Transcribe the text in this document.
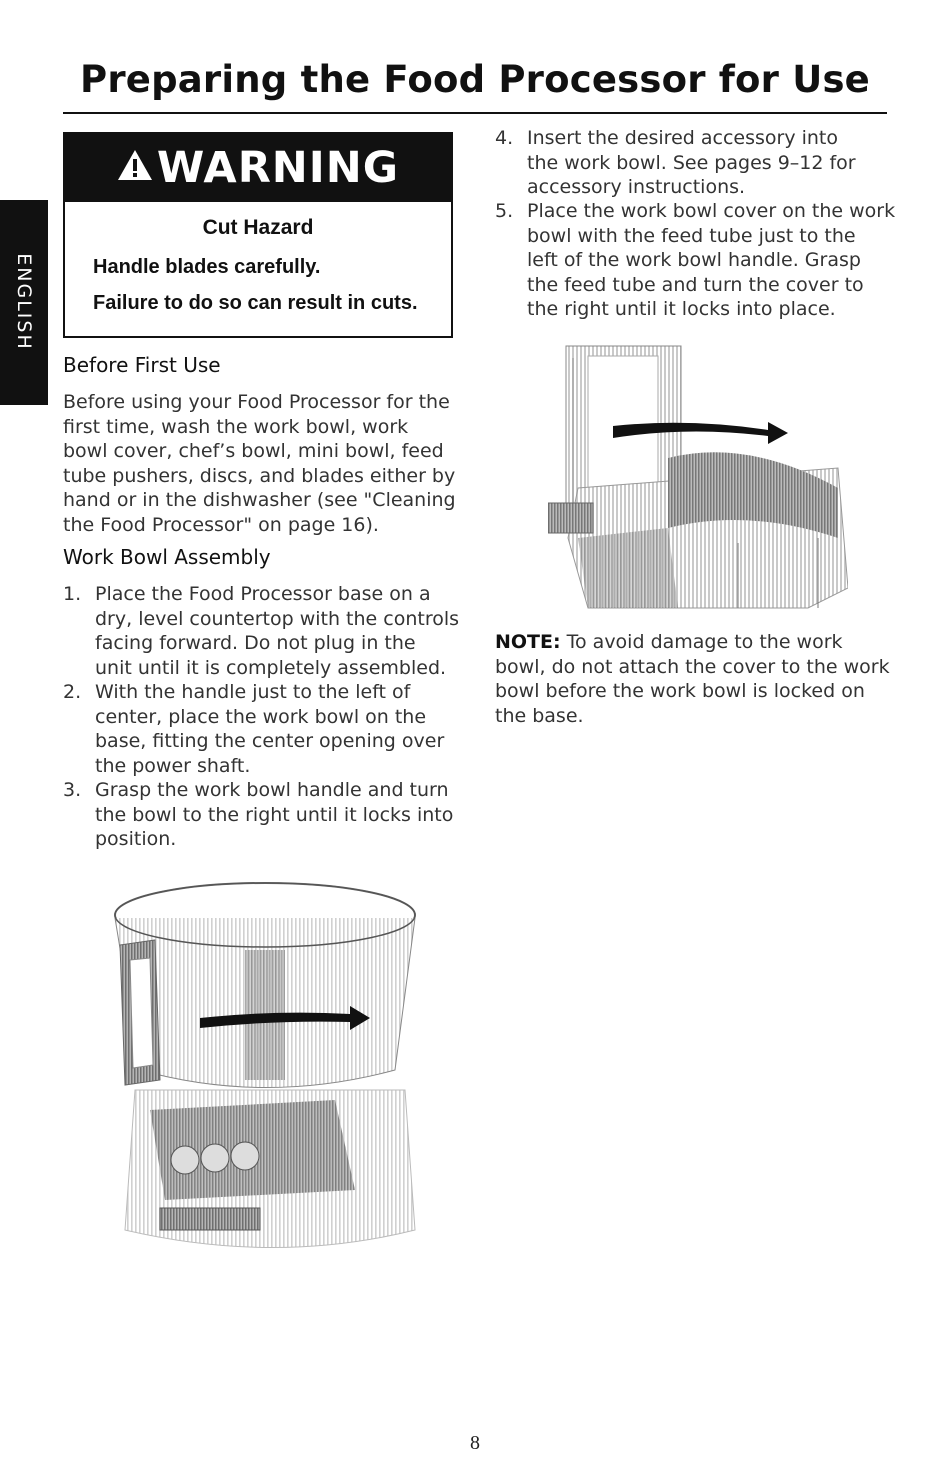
Preparing the Food Processor for Use
ENGLISH
WARNING
Cut Hazard
Handle blades carefully.
Failure to do so can result in cuts.
Before First Use
Before using your Food Processor for the
first time, wash the work bowl, work
bowl cover, chef’s bowl, mini bowl, feed
tube pushers, discs, and blades either by
hand or in the dishwasher (see "Cleaning
the Food Processor" on page 16).
Work Bowl Assembly
1. Place the Food Processor base on a
dry, level countertop with the controls
facing forward. Do not plug in the
unit until it is completely assembled.
2. With the handle just to the left of
center, place the work bowl on the
base, fitting the center opening over
the power shaft.
3. Grasp the work bowl handle and turn
the bowl to the right until it locks into
position.
4. Insert the desired accessory into
the work bowl. See pages 9–12 for
accessory instructions.
5. Place the work bowl cover on the work
bowl with the feed tube just to the
left of the work bowl handle. Grasp
the feed tube and turn the cover to
the right until it locks into place.
NOTE: To avoid damage to the work
bowl, do not attach the cover to the work
bowl before the work bowl is locked on
the base.
8
